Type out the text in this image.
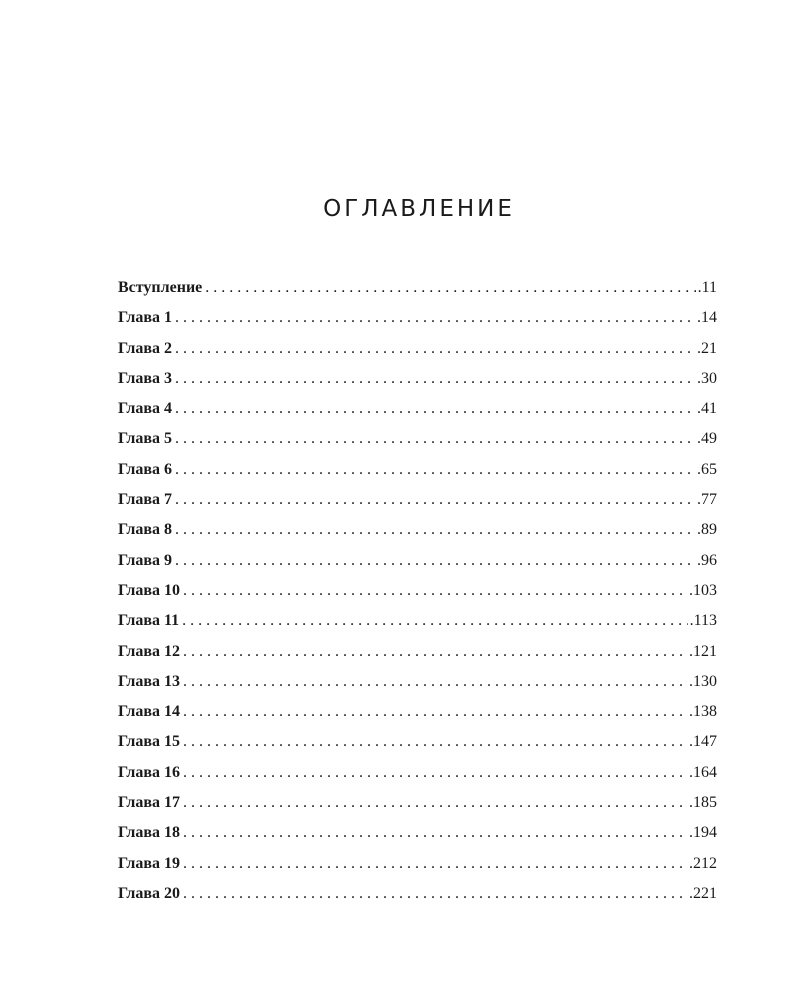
ОГЛАВЛЕНИЕ
Вступление . . .	.11
Глава 1 . . .	.14
Глава 2 . . .	.21
Глава 3 . . .	.30
Глава 4 . . .	.41
Глава 5 . . .	.49
Глава 6 . . .	.65
Глава 7 . . .	.77
Глава 8 . . .	.89
Глава 9 . . .	.96
Глава 10 . . .	.103
Глава 11 . . .	.113
Глава 12 . . .	.121
Глава 13 . . .	.130
Глава 14 . . .	.138
Глава 15 . . .	.147
Глава 16 . . .	.164
Глава 17 . . .	.185
Глава 18 . . .	.194
Глава 19 . . .	.212
Глава 20 . . .	.221
